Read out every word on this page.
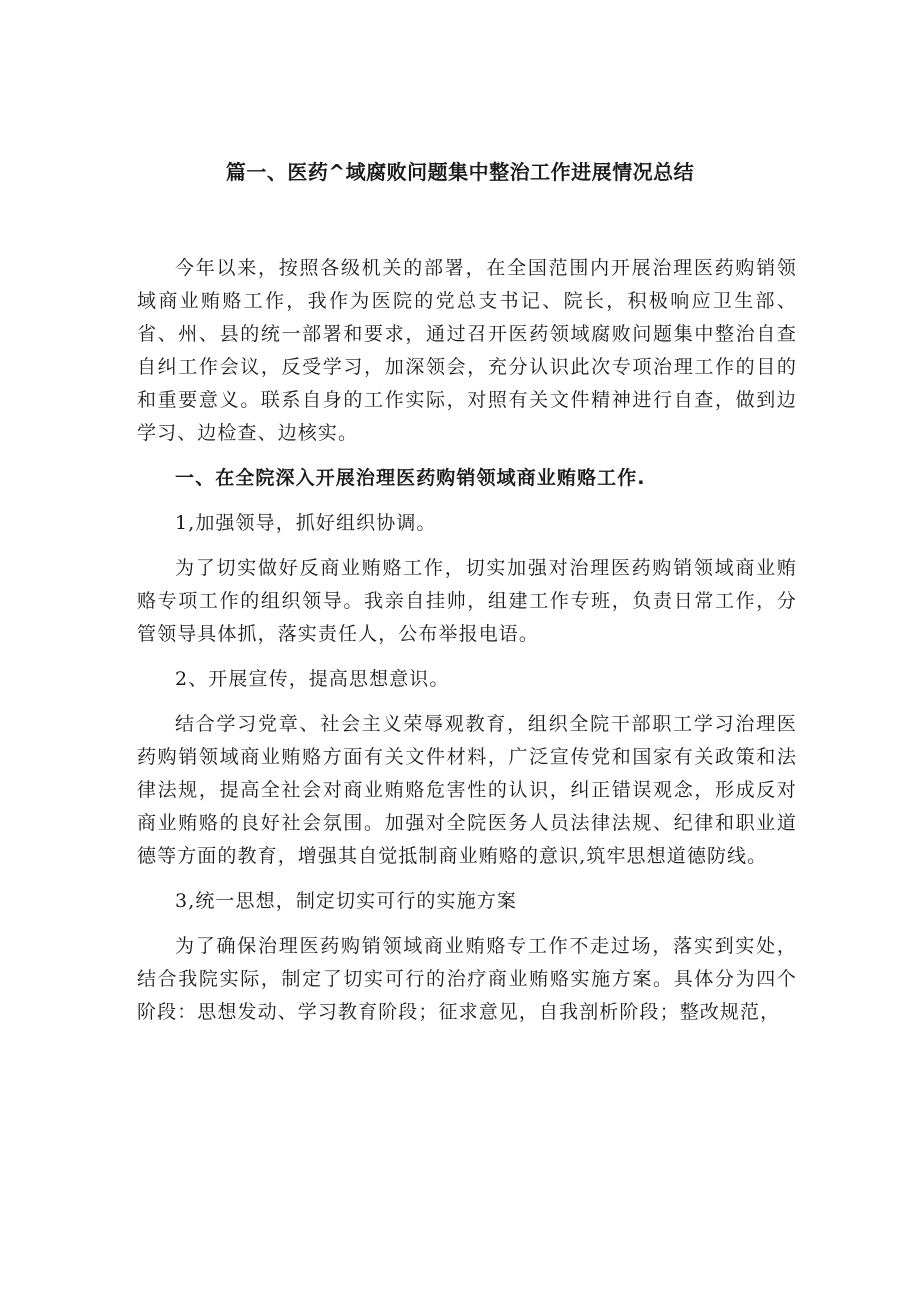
篇一、医药^域腐败问题集中整治工作进展情况总结

今年以来，按照各级机关的部署，在全国范围内开展治理医药购销领域商业贿赂工作，我作为医院的党总支书记、院长，积极响应卫生部、省、州、县的统一部署和要求，通过召开医药领域腐败问题集中整治自查自纠工作会议，反受学习，加深领会，充分认识此次专项治理工作的目的和重要意义。联系自身的工作实际，对照有关文件精神进行自查，做到边学习、边检查、边核实。

一、在全院深入开展治理医药购销领域商业贿赂工作.

1,加强领导，抓好组织协调。

为了切实做好反商业贿赂工作，切实加强对治理医药购销领域商业贿赂专项工作的组织领导。我亲自挂帅，组建工作专班，负责日常工作，分管领导具体抓，落实责任人，公布举报电语。

2、开展宣传，提高思想意识。

结合学习党章、社会主义荣辱观教育，组织全院干部职工学习治理医药购销领域商业贿赂方面有关文件材料，广泛宣传党和国家有关政策和法律法规，提高全社会对商业贿赂危害性的认识，纠正错误观念，形成反对商业贿赂的良好社会氛围。加强对全院医务人员法律法规、纪律和职业道德等方面的教育，增强其自觉抵制商业贿赂的意识,筑牢思想道德防线。

3,统一思想，制定切实可行的实施方案

为了确保治理医药购销领域商业贿赂专工作不走过场，落实到实处，结合我院实际，制定了切实可行的治疗商业贿赂实施方案。具体分为四个阶段：思想发动、学习教育阶段；征求意见，自我剖析阶段；整改规范，
